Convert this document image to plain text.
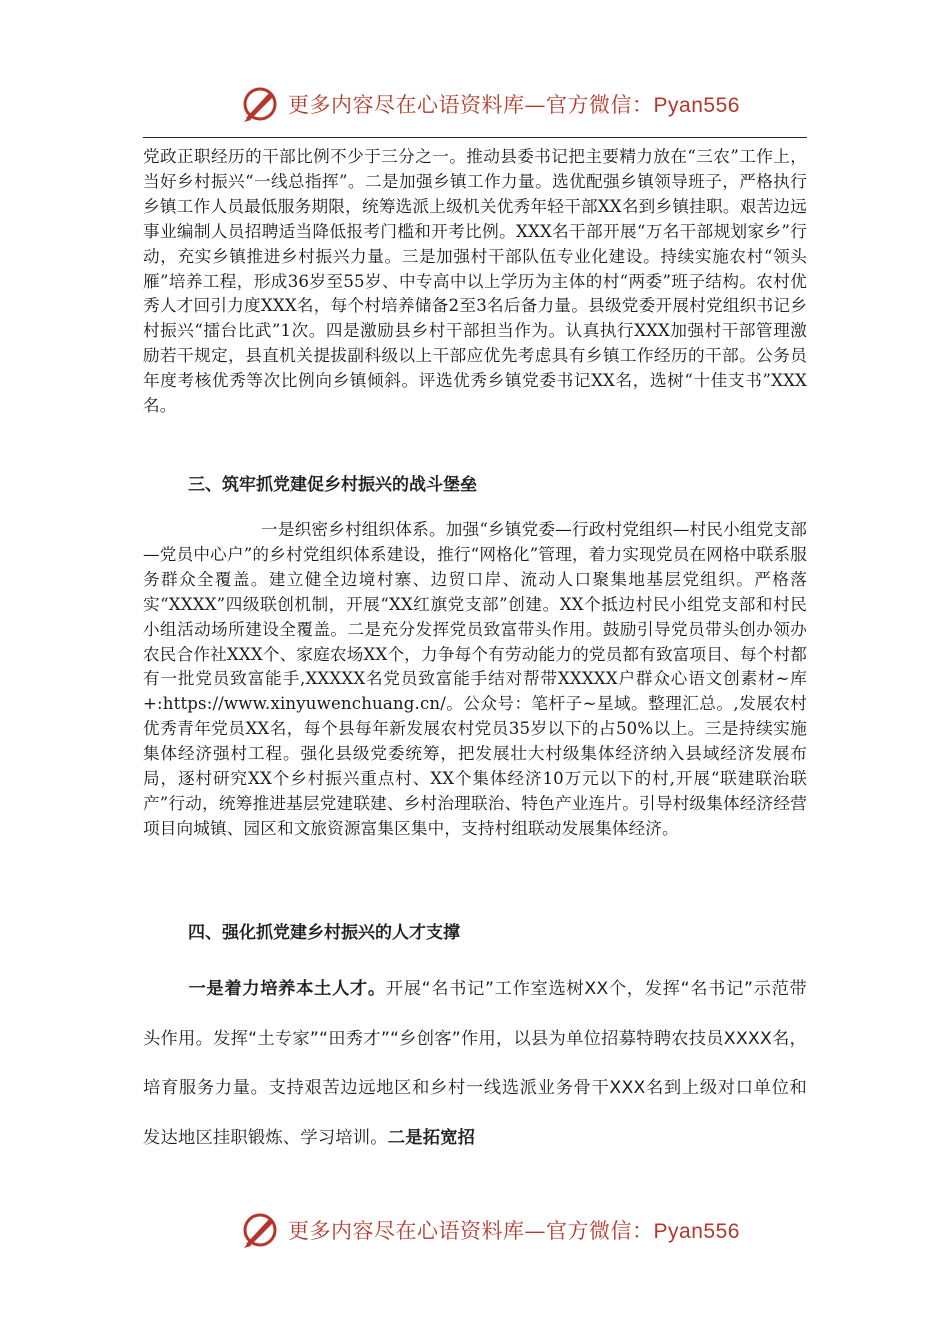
更多内容尽在心语资料库—官方微信：Pyan556

党政正职经历的干部比例不少于三分之一。推动县委书记把主要精力放在“三农”工作上，当好乡村振兴“一线总指挥”。二是加强乡镇工作力量。选优配强乡镇领导班子，严格执行乡镇工作人员最低服务期限，统筹选派上级机关优秀年轻干部XX名到乡镇挂职。艰苦边远事业编制人员招聘适当降低报考门槛和开考比例。XXX名干部开展“万名干部规划家乡”行动，充实乡镇推进乡村振兴力量。三是加强村干部队伍专业化建设。持续实施农村“领头雁”培养工程，形成36岁至55岁、中专高中以上学历为主体的村“两委”班子结构。农村优秀人才回引力度XXX名，每个村培养储备2至3名后备力量。县级党委开展村党组织书记乡村振兴“擂台比武”1次。四是激励县乡村干部担当作为。认真执行XXX加强村干部管理激励若干规定，县直机关提拔副科级以上干部应优先考虑具有乡镇工作经历的干部。公务员年度考核优秀等次比例向乡镇倾斜。评选优秀乡镇党委书记XX名，选树“十佳支书”XXX名。

三、筑牢抓党建促乡村振兴的战斗堡垒

一是织密乡村组织体系。加强“乡镇党委—行政村党组织—村民小组党支部—党员中心户”的乡村党组织体系建设，推行“网格化”管理，着力实现党员在网格中联系服务群众全覆盖。建立健全边境村寨、边贸口岸、流动人口聚集地基层党组织。严格落实“XXXX”四级联创机制，开展“XX红旗党支部”创建。XX个抵边村民小组党支部和村民小组活动场所建设全覆盖。二是充分发挥党员致富带头作用。鼓励引导党员带头创办领办农民合作社XXX个、家庭农场XX个，力争每个有劳动能力的党员都有致富项目、每个村都有一批党员致富能手,XXXXX名党员致富能手结对帮带XXXXX户群众心语文创素材~库+:https://www.xinyuwenchuang.cn/。公众号：笔杆子~星域。整理汇总。,发展农村优秀青年党员XX名，每个县每年新发展农村党员35岁以下的占50%以上。三是持续实施集体经济强村工程。强化县级党委统筹，把发展壮大村级集体经济纳入县域经济发展布局，逐村研究XX个乡村振兴重点村、XX个集体经济10万元以下的村,开展“联建联治联产”行动，统筹推进基层党建联建、乡村治理联治、特色产业连片。引导村级集体经济经营项目向城镇、园区和文旅资源富集区集中，支持村组联动发展集体经济。

四、强化抓党建乡村振兴的人才支撑

一是着力培养本土人才。开展“名书记”工作室选树XX个，发挥“名书记”示范带头作用。发挥“土专家”“田秀才”“乡创客”作用，以县为单位招募特聘农技员XXXX名，培育服务力量。支持艰苦边远地区和乡村一线选派业务骨干XXX名到上级对口单位和发达地区挂职锻炼、学习培训。二是拓宽招

更多内容尽在心语资料库—官方微信：Pyan556
